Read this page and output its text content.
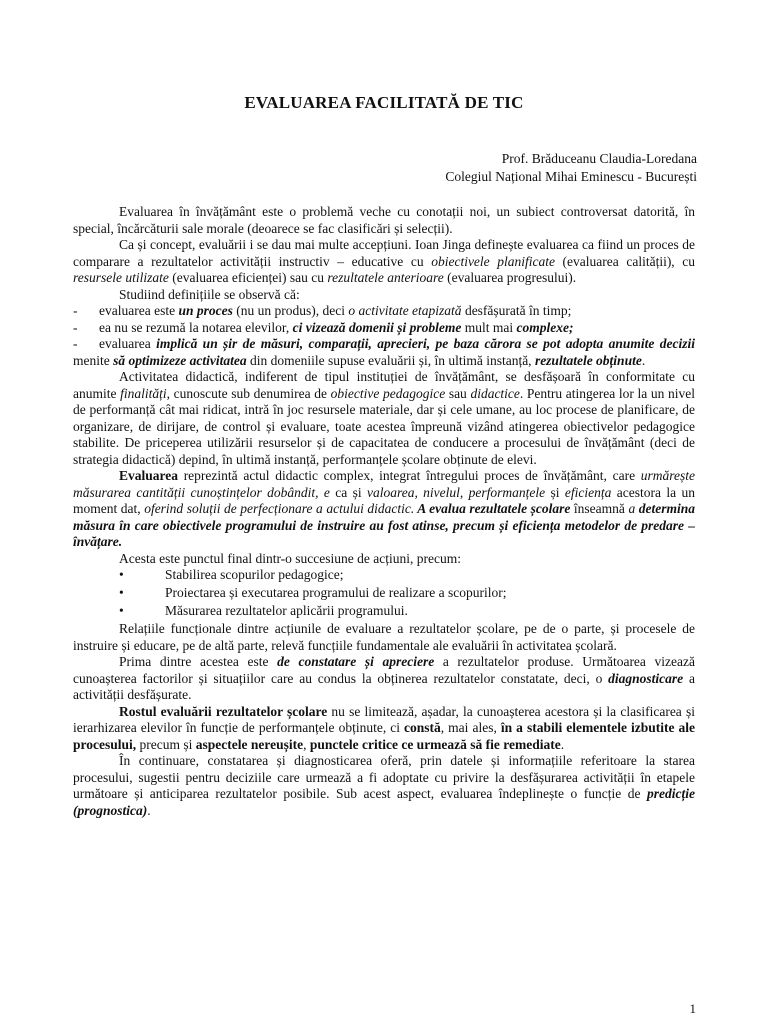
EVALUAREA FACILITATĂ DE TIC
Prof. Brăduceanu Claudia-Loredana
Colegiul Național Mihai Eminescu - București

Evaluarea în învățământ este o problemă veche cu conotații noi, un subiect controversat datorită, în special, încărcăturii sale morale (deoarece se fac clasificări și selecții).

Ca și concept, evaluării i se dau mai multe accepțiuni. Ioan Jinga definește evaluarea ca fiind un proces de comparare a rezultatelor activității instructiv – educative cu obiectivele planificate (evaluarea calității), cu resursele utilizate (evaluarea eficienței) sau cu rezultatele anterioare (evaluarea progresului).

Studiind definițiile se observă că:

-	evaluarea este un proces (nu un produs), deci o activitate etapizată desfășurată în timp;
-	ea nu se rezumă la notarea elevilor, ci vizează domenii și probleme mult mai complexe;
- evaluarea implică un șir de măsuri, comparații, aprecieri, pe baza cărora se pot adopta anumite decizii menite să optimizeze activitatea din domeniile supuse evaluării și, în ultimă instanță, rezultatele obținute.

Activitatea didactică, indiferent de tipul instituției de învățământ, se desfășoară în conformitate cu anumite finalități, cunoscute sub denumirea de obiective pedagogice sau didactice. Pentru atingerea lor la un nivel de performanță cât mai ridicat, intră în joc resursele materiale, dar și cele umane, au loc procese de planificare, de organizare, de dirijare, de control și evaluare, toate acestea împreună vizând atingerea obiectivelor pedagogice stabilite. De priceperea utilizării resurselor și de capacitatea de conducere a procesului de învățământ (deci de strategia didactică) depind, în ultimă instanță, performanțele școlare obținute de elevi.

Evaluarea reprezintă actul didactic complex, integrat întregului proces de învățământ, care urmărește măsurarea cantității cunoștințelor dobândit, e ca și valoarea, nivelul, performanțele și eficiența acestora la un moment dat, oferind soluții de perfecționare a actului didactic. A evalua rezultatele școlare înseamnă a determina măsura în care obiectivele programului de instruire au fost atinse, precum și eficiența metodelor de predare – învățare.

Acesta este punctul final dintr-o succesiune de acțiuni, precum:

•	Stabilirea scopurilor pedagogice;
•	Proiectarea și executarea programului de realizare a scopurilor;
•	Măsurarea rezultatelor aplicării programului.

Relațiile funcționale dintre acțiunile de evaluare a rezultatelor școlare, pe de o parte, și procesele de instruire și educare, pe de altă parte, relevă funcțiile fundamentale ale evaluării în activitatea școlară.

Prima dintre acestea este de constatare și apreciere a rezultatelor produse. Următoarea vizează cunoașterea factorilor și situațiilor care au condus la obținerea rezultatelor constatate, deci, o diagnosticare a activității desfășurate.

Rostul evaluării rezultatelor școlare nu se limitează, așadar, la cunoașterea acestora și la clasificarea și ierarhizarea elevilor în funcție de performanțele obținute, ci constă, mai ales, în a stabili elementele izbutite ale procesului, precum și aspectele nereușite, punctele critice ce urmează să fie remediate.

În continuare, constatarea și diagnosticarea oferă, prin datele și informațiile referitoare la starea procesului, sugestii pentru deciziile care urmează a fi adoptate cu privire la desfășurarea activității în etapele următoare și anticiparea rezultatelor posibile. Sub acest aspect, evaluarea îndeplinește o funcție de predicție (prognostica).

1
